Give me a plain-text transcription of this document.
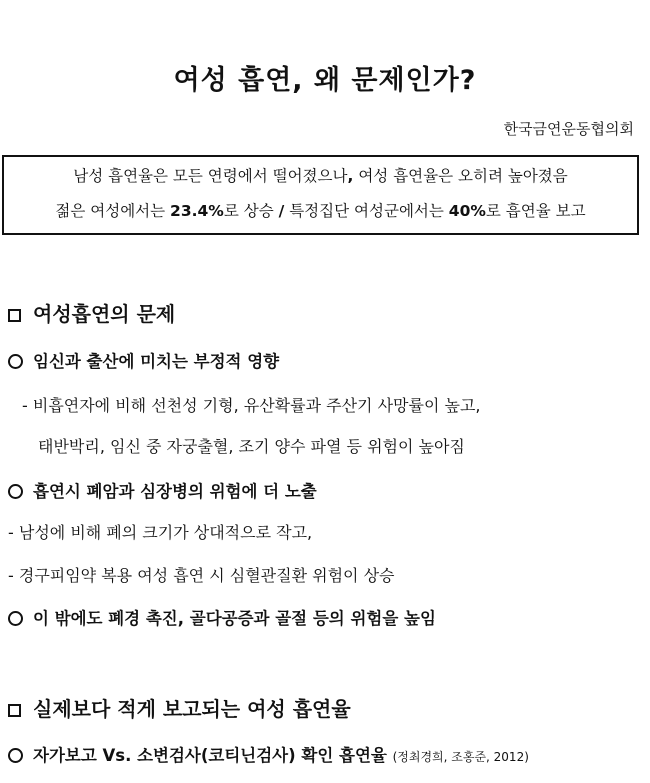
여성 흡연, 왜 문제인가?
한국금연운동협의회
남성 흡연율은 모든 연령에서 떨어졌으나, 여성 흡연율은 오히려 높아졌음
젊은 여성에서는 23.4%로 상승 / 특정집단 여성군에서는 40%로 흡연율 보고
여성흡연의 문제
임신과 출산에 미치는 부정적 영향
- 비흡연자에 비해 선천성 기형, 유산확률과 주산기 사망률이 높고,
태반박리, 임신 중 자궁출혈, 조기 양수 파열 등 위험이 높아짐
흡연시 폐암과 심장병의 위험에 더 노출
- 남성에 비해 폐의 크기가 상대적으로 작고,
- 경구피임약 복용 여성 흡연 시 심혈관질환 위험이 상승
이 밖에도 폐경 촉진, 골다공증과 골절 등의 위험을 높임
실제보다 적게 보고되는 여성 흡연율
자가보고 Vs. 소변검사(코티닌검사) 확인 흡연율 (정최경희, 조홍준, 2012)
